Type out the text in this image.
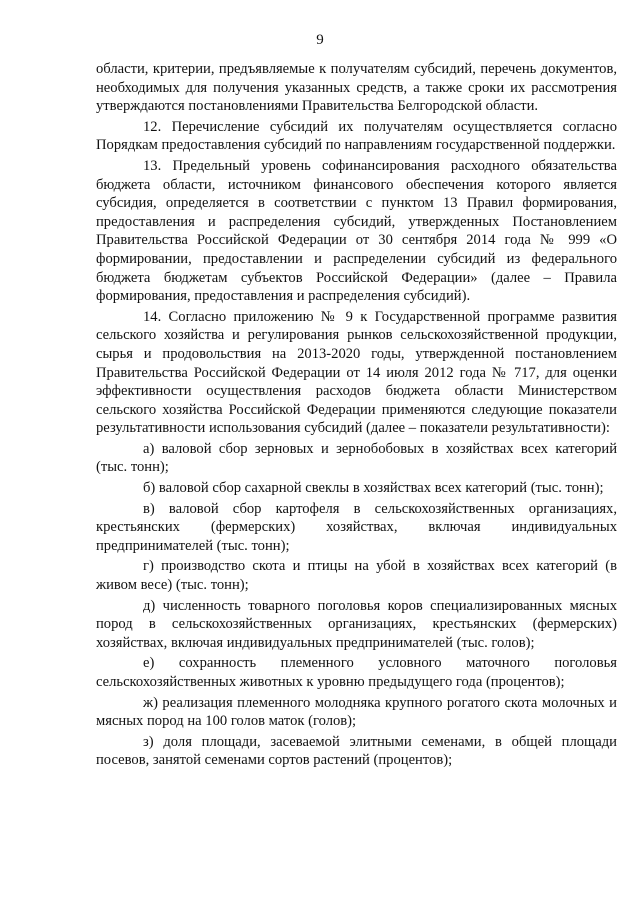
9

области, критерии, предъявляемые к получателям субсидий, перечень документов, необходимых для получения указанных средств, а также сроки их рассмотрения утверждаются постановлениями Правительства Белгородской области.

12. Перечисление субсидий их получателям осуществляется согласно Порядкам предоставления субсидий по направлениям государственной поддержки.

13. Предельный уровень софинансирования расходного обязательства бюджета области, источником финансового обеспечения которого является субсидия, определяется в соответствии с пунктом 13 Правил формирования, предоставления и распределения субсидий, утвержденных Постановлением Правительства Российской Федерации от 30 сентября 2014 года № 999 «О формировании, предоставлении и распределении субсидий из федерального бюджета бюджетам субъектов Российской Федерации» (далее – Правила формирования, предоставления и распределения субсидий).

14. Согласно приложению № 9 к Государственной программе развития сельского хозяйства и регулирования рынков сельскохозяйственной продукции, сырья и продовольствия на 2013-2020 годы, утвержденной постановлением Правительства Российской Федерации от 14 июля 2012 года № 717, для оценки эффективности осуществления расходов бюджета области Министерством сельского хозяйства Российской Федерации применяются следующие показатели результативности использования субсидий (далее – показатели результативности):

а) валовой сбор зерновых и зернобобовых в хозяйствах всех категорий (тыс. тонн);

б) валовой сбор сахарной свеклы в хозяйствах всех категорий (тыс. тонн);

в) валовой сбор картофеля в сельскохозяйственных организациях, крестьянских (фермерских) хозяйствах, включая индивидуальных предпринимателей (тыс. тонн);

г) производство скота и птицы на убой в хозяйствах всех категорий (в живом весе) (тыс. тонн);

д) численность товарного поголовья коров специализированных мясных пород в сельскохозяйственных организациях, крестьянских (фермерских) хозяйствах, включая индивидуальных предпринимателей (тыс. голов);

е) сохранность племенного условного маточного поголовья сельскохозяйственных животных к уровню предыдущего года (процентов);

ж) реализация племенного молодняка крупного рогатого скота молочных и мясных пород на 100 голов маток (голов);

з) доля площади, засеваемой элитными семенами, в общей площади посевов, занятой семенами сортов растений (процентов);
